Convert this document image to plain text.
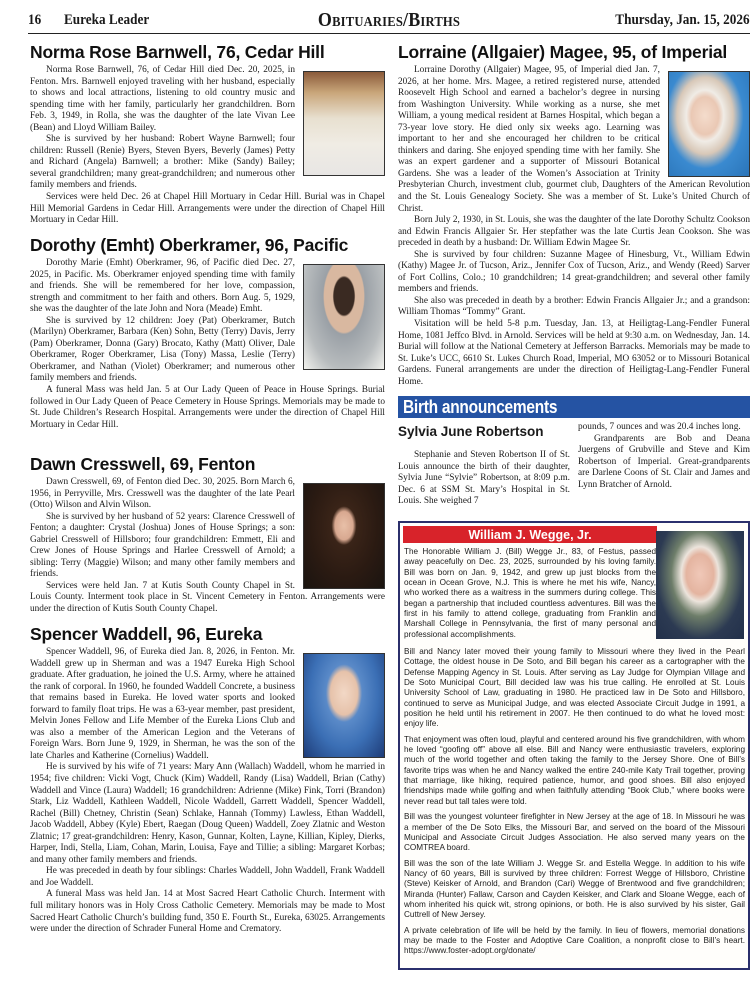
16 Eureka Leader	Obituaries/Births	Thursday, Jan. 15, 2026
Norma Rose Barnwell, 76, Cedar Hill

Norma Rose Barnwell, 76, of Cedar Hill died Dec. 20, 2025, in Fenton. Mrs. Barnwell enjoyed traveling with her husband, especially to shows and local attractions, listening to old country music and spending time with her family, particularly her grandchildren. Born Feb. 3, 1949, in Rolla, she was the daughter of the late Vivan Lee (Bean) and Lloyd William Bailey.

She is survived by her husband: Robert Wayne Barnwell; four children: Russell (Renie) Byers, Steven Byers, Beverly (James) Petty and Richard (Angela) Barnwell; a brother: Mike (Sandy) Bailey; several grandchildren; many great-grandchildren; and numerous other family members and friends.

Services were held Dec. 26 at Chapel Hill Mortuary in Cedar Hill. Burial was in Chapel Hill Memorial Gardens in Cedar Hill. Arrangements were under the direction of Chapel Hill Mortuary in Cedar Hill.

Dorothy (Emht) Oberkramer, 96, Pacific

Dorothy Marie (Emht) Oberkramer, 96, of Pacific died Dec. 27, 2025, in Pacific. Ms. Oberkramer enjoyed spending time with family and friends. She will be remembered for her love, compassion, strength and commitment to her faith and others. Born Aug. 5, 1929, she was the daughter of the late John and Nora (Meade) Emht.

She is survived by 12 children: Joey (Pat) Oberkramer, Butch (Marilyn) Oberkramer, Barbara (Ken) Sohn, Betty (Terry) Davis, Jerry (Pam) Oberkramer, Donna (Gary) Brocato, Kathy (Matt) Oliver, Dale Oberkramer, Roger Oberkramer, Lisa (Tony) Massa, Leslie (Terry) Oberkramer, and Nathan (Violet) Oberkramer; and numerous other family members and friends.

A funeral Mass was held Jan. 5 at Our Lady Queen of Peace in House Springs. Burial followed in Our Lady Queen of Peace Cemetery in House Springs. Memorials may be made to St. Jude Children’s Research Hospital. Arrangements were under the direction of Chapel Hill Mortuary in Cedar Hill.

Dawn Cresswell, 69, Fenton

Dawn Cresswell, 69, of Fenton died Dec. 30, 2025. Born March 6, 1956, in Perryville, Mrs. Cresswell was the daughter of the late Pearl (Otto) Wilson and Alvin Wilson.

She is survived by her husband of 52 years: Clarence Cresswell of Fenton; a daughter: Crystal (Joshua) Jones of House Springs; a son: Gabriel Cresswell of Hillsboro; four grandchildren: Emmett, Eli and Crew Jones of House Springs and Harlee Cresswell of Arnold; a sibling: Terry (Maggie) Wilson; and many other family members and friends.

Services were held Jan. 7 at Kutis South County Chapel in St. Louis County. Interment took place in St. Vincent Cemetery in Fenton. Arrangements were under the direction of Kutis South County Chapel.

Spencer Waddell, 96, Eureka

Spencer Waddell, 96, of Eureka died Jan. 8, 2026, in Fenton. Mr. Waddell grew up in Sherman and was a 1947 Eureka High School graduate. After graduation, he joined the U.S. Army, where he attained the rank of corporal. In 1960, he founded Waddell Concrete, a business that remains based in Eureka. He loved water sports and looked forward to family float trips. He was a 63-year member, past president, Melvin Jones Fellow and Life Member of the Eureka Lions Club and was also a member of the American Legion and the Veterans of Foreign Wars. Born June 9, 1929, in Sherman, he was the son of the late Charles and Katherine (Cornelius) Waddell.

He is survived by his wife of 71 years: Mary Ann (Wallach) Waddell, whom he married in 1954; five children: Vicki Vogt, Chuck (Kim) Waddell, Randy (Lisa) Waddell, Brian (Cathy) Waddell and Vince (Laura) Waddell; 16 grandchildren: Adrienne (Mike) Fink, Torri (Brandon) Stark, Liz Waddell, Kathleen Waddell, Nicole Waddell, Garrett Waddell, Spencer Waddell, Rachel (Bill) Chetney, Christin (Sean) Schlake, Hannah (Tommy) Lawless, Ethan Waddell, Jacob Waddell, Abbey (Kyle) Ebert, Raegan (Doug Queen) Waddell, Zoey Zlatnic and Weston Zlatnic; 17 great-grandchildren: Henry, Kason, Gunnar, Kolten, Layne, Killian, Kipley, Dierks, Harper, Indi, Stella, Liam, Cohan, Marin, Louisa, Faye and Tillie; a sibling: Margaret Korbas; and many other family members and friends.

He was preceded in death by four siblings: Charles Waddell, John Waddell, Frank Waddell and Joe Waddell.

A funeral Mass was held Jan. 14 at Most Sacred Heart Catholic Church. Interment with full military honors was in Holy Cross Catholic Cemetery. Memorials may be made to Most Sacred Heart Catholic Church’s building fund, 350 E. Fourth St., Eureka, 63025. Arrangements were under the direction of Schrader Funeral Home and Crematory.

Lorraine (Allgaier) Magee, 95, of Imperial

Lorraine Dorothy (Allgaier) Magee, 95, of Imperial died Jan. 7, 2026, at her home. Mrs. Magee, a retired registered nurse, attended Roosevelt High School and earned a bachelor’s degree in nursing from Washington University. While working as a nurse, she met William, a young medical resident at Barnes Hospital, which began a 73-year love story. He died only six weeks ago. Learning was important to her and she encouraged her children to be critical thinkers and daring. She enjoyed spending time with her family. She was an expert gardener and a supporter of Missouri Botanical Gardens. She was a leader of the Women’s Association at Trinity Presbyterian Church, investment club, gourmet club, Daughters of the American Revolution and the St. Louis Genealogy Society. She was a member of St. Luke’s United Church of Christ.

Born July 2, 1930, in St. Louis, she was the daughter of the late Dorothy Schultz Cookson and Edwin Francis Allgaier Sr. Her stepfather was the late Curtis Jean Cookson. She was preceded in death by a husband: Dr. William Edwin Magee Sr.

She is survived by four children: Suzanne Magee of Hinesburg, Vt., William Edwin (Kathy) Magee Jr. of Tucson, Ariz., Jennifer Cox of Tucson, Ariz., and Wendy (Reed) Sarver of Fort Collins, Colo.; 10 grandchildren; 14 great-grandchildren; and several other family members and friends.

She also was preceded in death by a brother: Edwin Francis Allgaier Jr.; and a grandson: William Thomas “Tommy” Grant.

Visitation will be held 5-8 p.m. Tuesday, Jan. 13, at Heiligtag-Lang-Fendler Funeral Home, 1081 Jeffco Blvd. in Arnold. Services will be held at 9:30 a.m. on Wednesday, Jan. 14. Burial will follow at the National Cemetery at Jefferson Barracks. Memorials may be made to St. Luke’s UCC, 6610 St. Lukes Church Road, Imperial, MO 63052 or to Missouri Botanical Gardens. Funeral arrangements are under the direction of Heiligtag-Lang-Fendler Funeral Home.

Birth announcements
Sylvia June Robertson

Stephanie and Steven Robertson II of St. Louis announce the birth of their daughter, Sylvia June “Sylvie” Robertson, at 8:09 p.m. Dec. 6 at SSM St. Mary’s Hospital in St. Louis. She weighed 7

pounds, 7 ounces and was 20.4 inches long.

Grandparents are Bob and Deana Juergens of Grubville and Steve and Kim Robertson of Imperial. Great-grandparents are Darlene Coons of St. Clair and James and Lynn Bratcher of Arnold.

William J. Wegge, Jr.

The Honorable William J. (Bill) Wegge Jr., 83, of Festus, passed away peacefully on Dec. 23, 2025, surrounded by his loving family. Bill was born on Jan. 9, 1942, and grew up just blocks from the ocean in Ocean Grove, N.J. This is where he met his wife, Nancy, who worked there as a waitress in the summers during college. This began a partnership that included countless adventures. Bill was the first in his family to attend college, graduating from Franklin and Marshall College in Pennsylvania, the first of many personal and professional accomplishments.

Bill and Nancy later moved their young family to Missouri where they lived in the Pearl Cottage, the oldest house in De Soto, and Bill began his career as a cartographer with the Defense Mapping Agency in St. Louis. After serving as Lay Judge for Olympian Village and De Soto Municipal Court, Bill decided law was his true calling. He enrolled at St. Louis University School of Law, graduating in 1980. He practiced law in De Soto and Hillsboro, continued to serve as Municipal Judge, and was elected Associate Circuit Judge in 1991, a position he held until his retirement in 2007. He then continued to do what he loved most: enjoy life.

That enjoyment was often loud, playful and centered around his five grandchildren, with whom he loved “goofing off” above all else. Bill and Nancy were enthusiastic travelers, exploring much of the world together and often taking the family to the Jersey Shore. One of Bill’s favorite trips was when he and Nancy walked the entire 240-mile Katy Trail together, proving that marriage, like hiking, required patience, humor, and good shoes. Bill also enjoyed friendships made while golfing and when faithfully attending “Book Club,” where books were never read but tall tales were told.

Bill was the youngest volunteer firefighter in New Jersey at the age of 18. In Missouri he was a member of the De Soto Elks, the Missouri Bar, and served on the board of the Missouri Municipal and Associate Circuit Judges Association. He also served many years on the COMTREA board.

Bill was the son of the late William J. Wegge Sr. and Estella Wegge. In addition to his wife Nancy of 60 years, Bill is survived by three children: Forrest Wegge of Hillsboro, Christine (Steve) Keisker of Arnold, and Brandon (Cari) Wegge of Brentwood and five grandchildren; Miranda (Hunter) Fallaw, Carson and Cayden Keisker, and Clark and Sloane Wegge, each of whom inherited his quick wit, strong opinions, or both. He is also survived by his sister, Gail Cuttrell of New Jersey.

A private celebration of life will be held by the family. In lieu of flowers, memorial donations may be made to the Foster and Adoptive Care Coalition, a nonprofit close to Bill’s heart. https://www.foster-adopt.org/donate/
